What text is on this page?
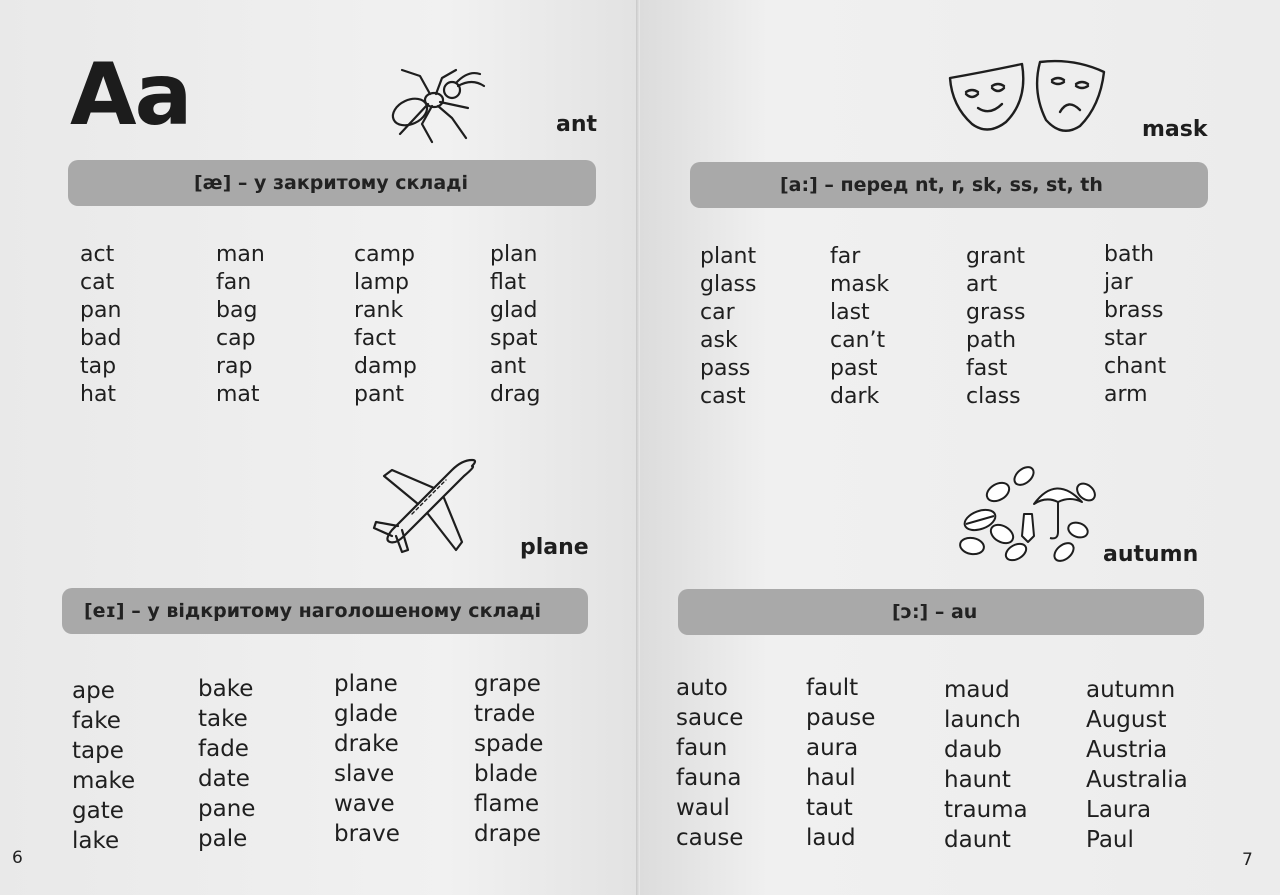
Aa	ant
[æ] – у закритому складі
act
cat
pan
bad
tap
hat
man
fan
bag
cap
rap
mat
camp
lamp
rank
fact
damp
pant
plan
flat
glad
spat
ant
drag
plane
[eɪ] – у відкритому наголошеному складі
ape
fake
tape
make
gate
lake
bake
take
fade
date
pane
pale
plane
glade
drake
slave
wave
brave
grape
trade
spade
blade
flame
drape
6
mask
[a:] – перед nt, r, sk, ss, st, th
plant
glass
car
ask
pass
cast
far
mask
last
can’t
past
dark
grant
art
grass
path
fast
class
bath
jar
brass
star
chant
arm
autumn
[ɔ:] – au
auto
sauce
faun
fauna
waul
cause
fault
pause
aura
haul
taut
laud
maud
launch
daub
haunt
trauma
daunt
autumn
August
Austria
Australia
Laura
Paul
7
